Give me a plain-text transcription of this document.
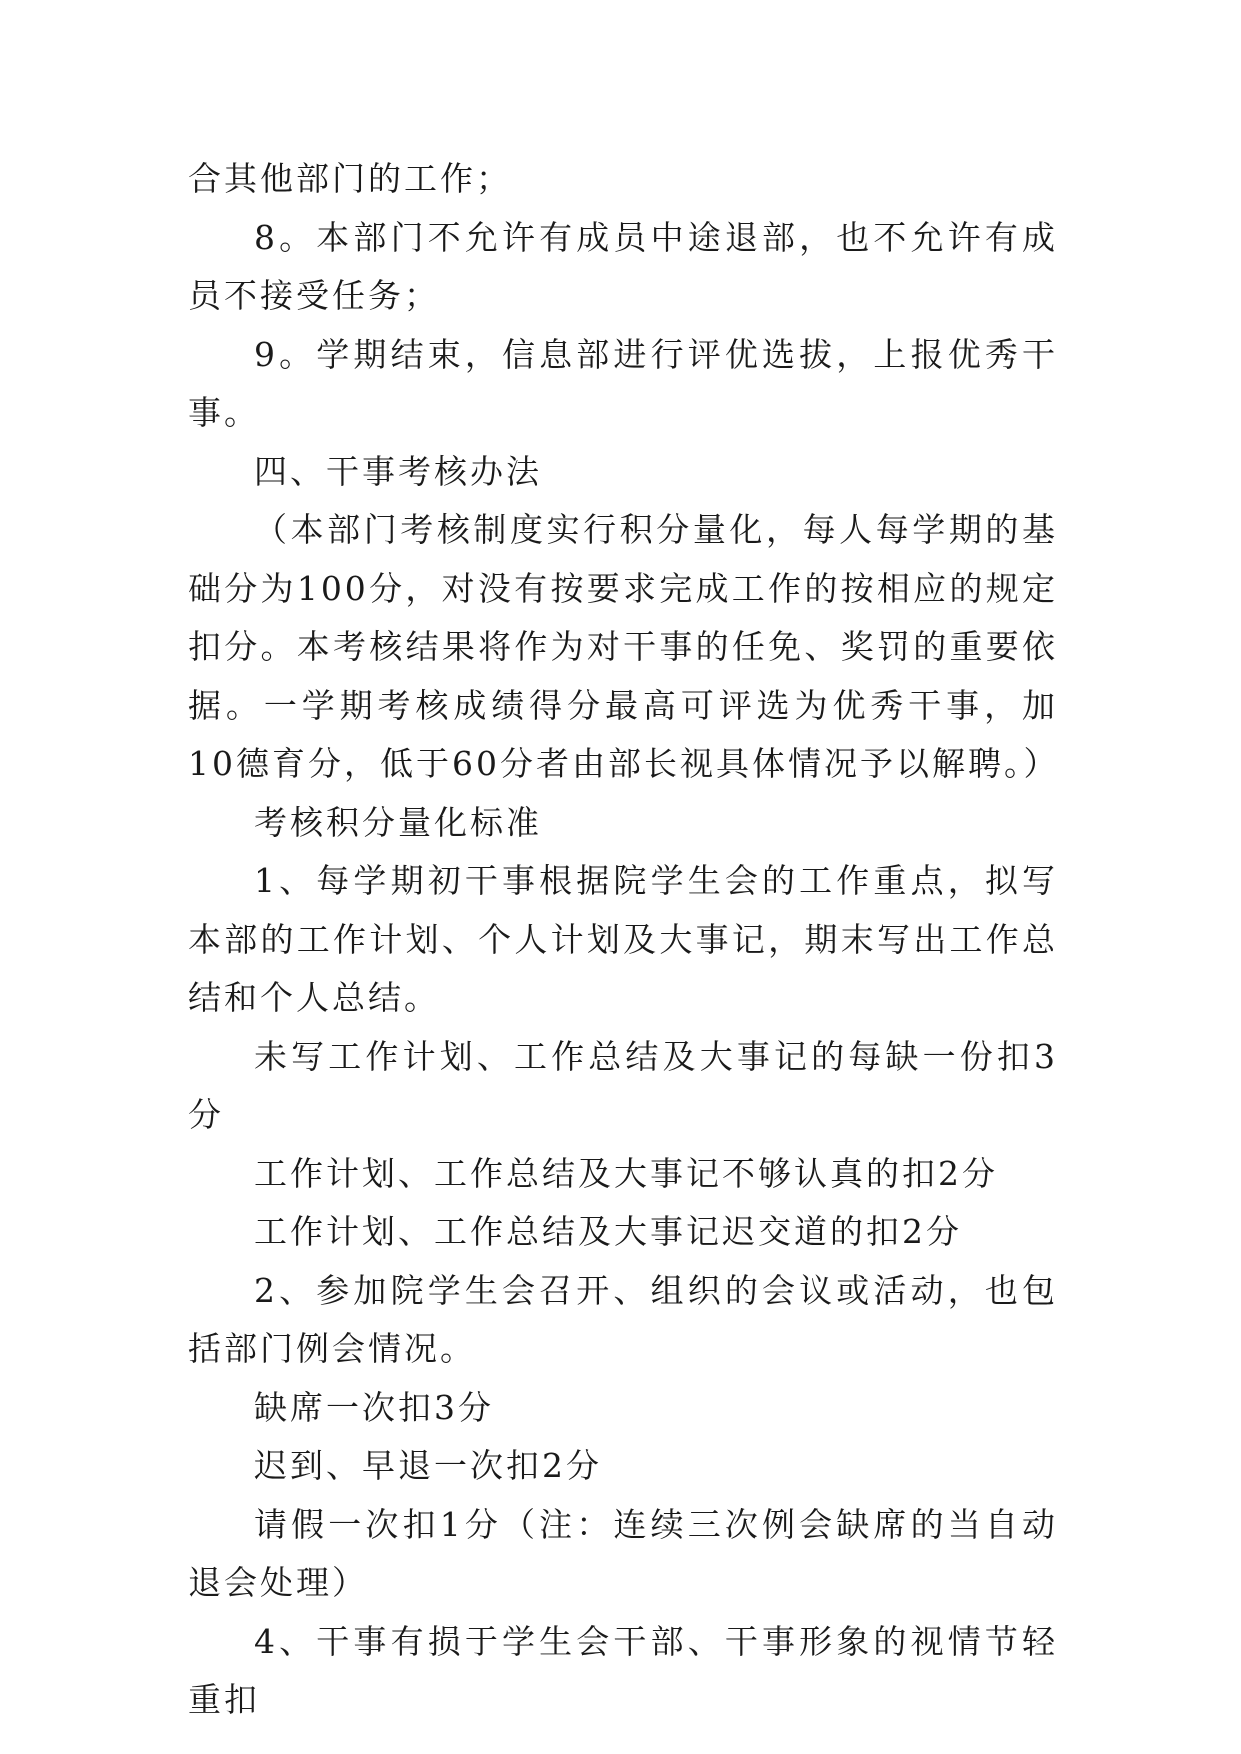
合其他部门的工作；

8。本部门不允许有成员中途退部，也不允许有成员不接受任务；

9。学期结束，信息部进行评优选拔，上报优秀干事。

四、干事考核办法

（本部门考核制度实行积分量化，每人每学期的基础分为100分，对没有按要求完成工作的按相应的规定扣分。本考核结果将作为对干事的任免、奖罚的重要依据。一学期考核成绩得分最高可评选为优秀干事，加10德育分，低于60分者由部长视具体情况予以解聘。）

考核积分量化标准

1、每学期初干事根据院学生会的工作重点，拟写本部的工作计划、个人计划及大事记，期末写出工作总结和个人总结。

未写工作计划、工作总结及大事记的每缺一份扣3分

工作计划、工作总结及大事记不够认真的扣2分

工作计划、工作总结及大事记迟交道的扣2分

2、参加院学生会召开、组织的会议或活动，也包括部门例会情况。

缺席一次扣3分

迟到、早退一次扣2分

请假一次扣1分（注：连续三次例会缺席的当自动退会处理）

4、干事有损于学生会干部、干事形象的视情节轻重扣
